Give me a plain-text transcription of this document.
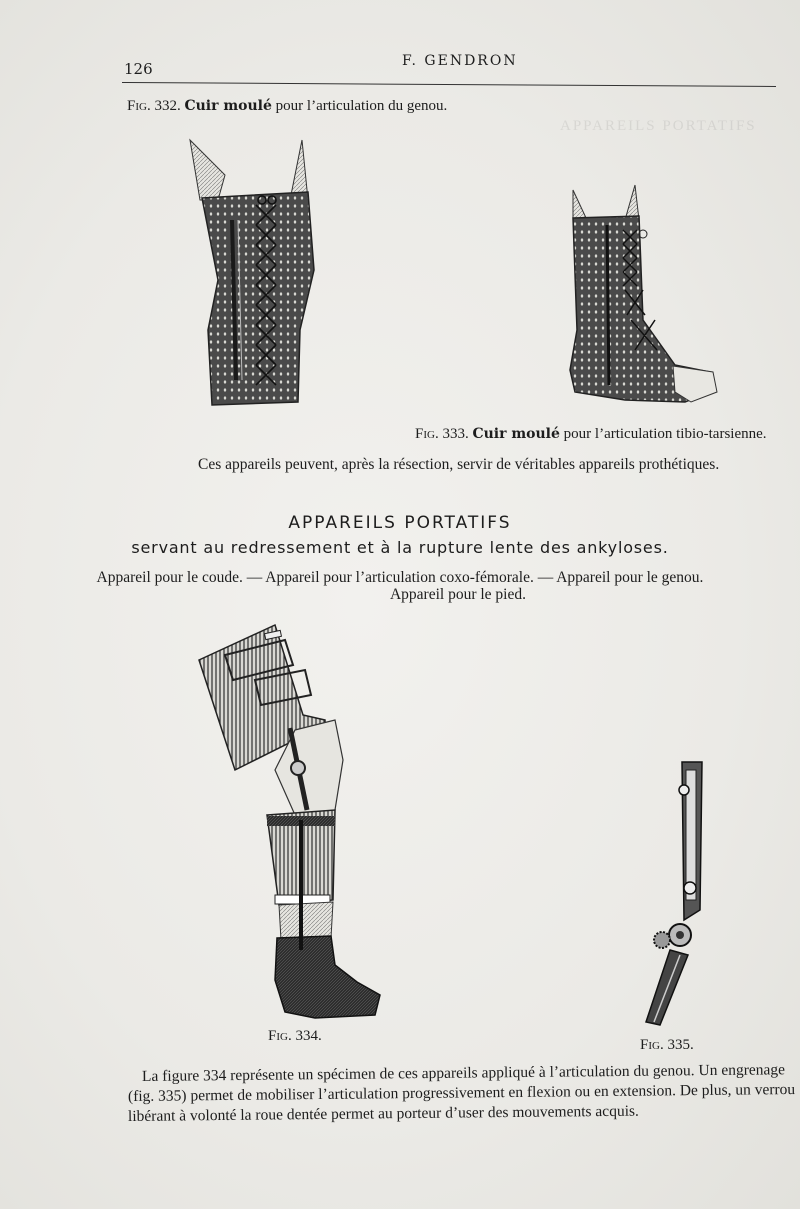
APPAREILS PORTATIFS
126	F. GENDRON
Fig. 332. Cuir moulé pour l’articulation du genou.
Fig. 333. Cuir moulé pour l’articulation tibio-tarsienne.
Ces appareils peuvent, après la résection, servir de véritables appareils prothétiques.
APPAREILS PORTATIFS
servant au redressement et à la rupture lente des ankyloses.
Appareil pour le coude. — Appareil pour l’articulation coxo-fémorale. — Appareil pour le genou.
Appareil pour le pied.
Fig. 334.
Fig. 335.
La figure 334 représente un spécimen de ces appareils appliqué à l’articulation du genou. Un engrenage
(fig. 335) permet de mobiliser l’articulation progressivement en flexion ou en extension. De plus, un verrou
libérant à volonté la roue dentée permet au porteur d’user des mouvements acquis.
